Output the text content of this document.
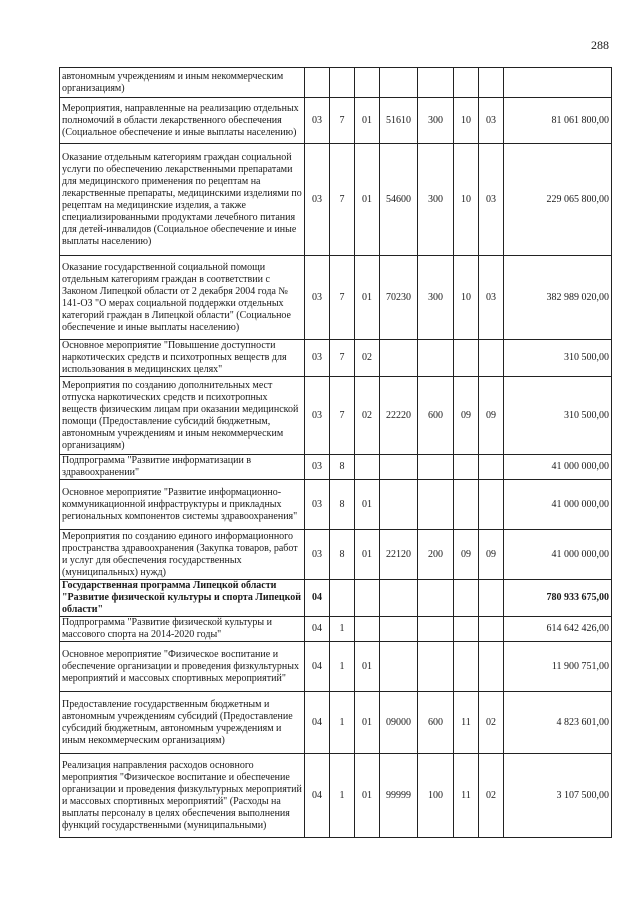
288
автономным учреждениям и иным некоммерческим организациям)								
Мероприятия, направленные на реализацию отдельных полномочий в области лекарственного обеспечения (Социальное обеспечение и иные выплаты населению)	03	7	01	51610	300	10	03	81 061 800,00
Оказание отдельным категориям граждан социальной услуги по обеспечению лекарственными препаратами для медицинского применения по рецептам на лекарственные препараты, медицинскими изделиями по рецептам на медицинские изделия, а также специализированными продуктами лечебного питания для детей-инвалидов (Социальное обеспечение и иные выплаты населению)	03	7	01	54600	300	10	03	229 065 800,00
Оказание государственной социальной помощи отдельным категориям граждан в соответствии с Законом Липецкой области от 2 декабря 2004 года № 141-ОЗ "О мерах социальной поддержки отдельных категорий граждан в Липецкой области" (Социальное обеспечение и иные выплаты населению)	03	7	01	70230	300	10	03	382 989 020,00
Основное мероприятие "Повышение доступности наркотических средств и психотропных веществ для использования в медицинских целях"	03	7	02					310 500,00
Мероприятия по созданию дополнительных мест отпуска наркотических средств и психотропных веществ физическим лицам при оказании медицинской помощи (Предоставление субсидий бюджетным, автономным учреждениям и иным некоммерческим организациям)	03	7	02	22220	600	09	09	310 500,00
Подпрограмма "Развитие информатизации в здравоохранении"	03	8						41 000 000,00
Основное мероприятие "Развитие информационно-коммуникационной инфраструктуры и прикладных региональных компонентов системы здравоохранения"	03	8	01					41 000 000,00
Мероприятия по созданию единого информационного пространства здравоохранения (Закупка товаров, работ и услуг для обеспечения государственных (муниципальных) нужд)	03	8	01	22120	200	09	09	41 000 000,00
Государственная программа Липецкой области "Развитие физической культуры и спорта Липецкой области"	04							780 933 675,00
Подпрограмма "Развитие физической культуры и массового спорта на 2014-2020 годы"	04	1						614 642 426,00
Основное мероприятие "Физическое воспитание и обеспечение организации и проведения физкультурных мероприятий и массовых спортивных мероприятий"	04	1	01					11 900 751,00
Предоставление государственным бюджетным и автономным учреждениям субсидий (Предоставление субсидий бюджетным, автономным учреждениям и иным некоммерческим организациям)	04	1	01	09000	600	11	02	4 823 601,00
Реализация направления расходов основного мероприятия "Физическое воспитание и обеспечение организации и проведения физкультурных мероприятий и массовых спортивных мероприятий" (Расходы на выплаты персоналу в целях обеспечения выполнения функций государственными (муниципальными)	04	1	01	99999	100	11	02	3 107 500,00
